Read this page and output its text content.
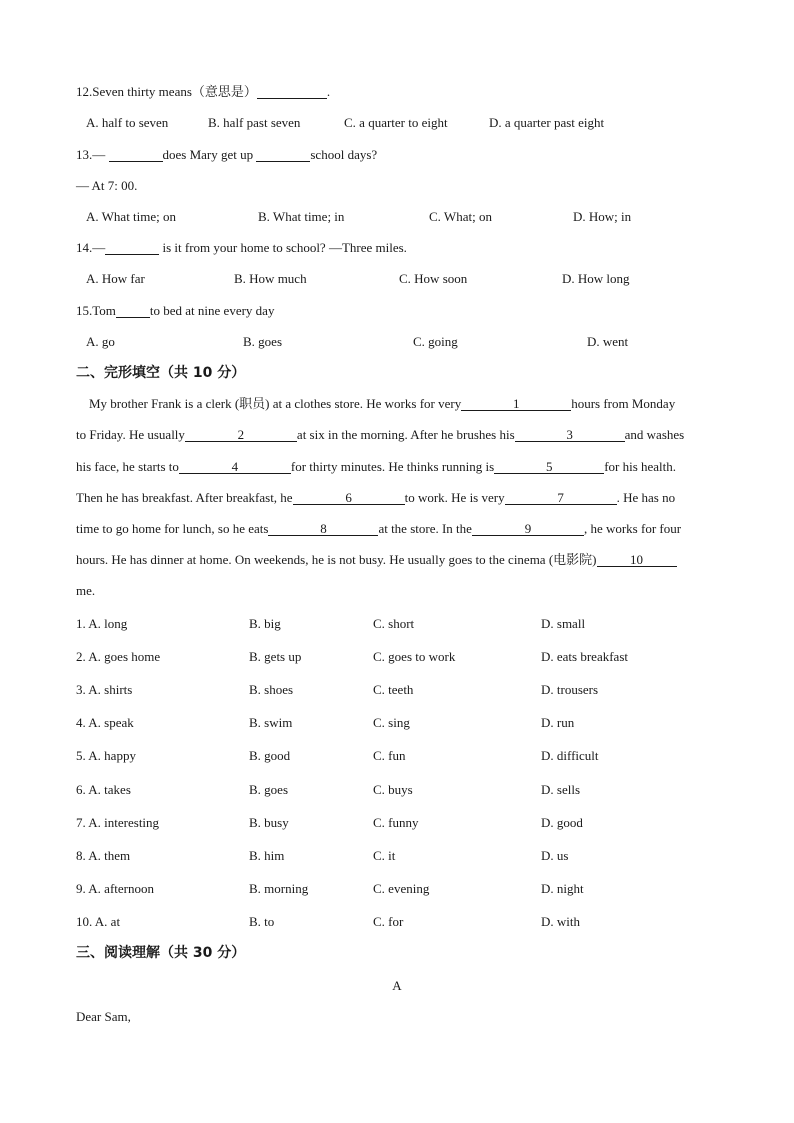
12.Seven thirty means（意思是）	.
A. half to seven	B. half past seven	C. a quarter to eight	D. a quarter past eight
13.—	does Mary get up	school days?
— At 7: 00.
A. What time; on	B. What time; in	C. What; on	D. How; in
14.—	is it from your home to school? —Three miles.
A. How far	B. How much	C. How soon	D. How long
15.Tom	to bed at nine every day
A. go	B. goes	C. going	D. went
二、完形填空（共 10 分）
My brother Frank is a clerk (职员) at a clothes store. He works for very	1	hours from Monday
to Friday. He usually	2	at six in the morning. After he brushes his	3	and washes
his face, he starts to	4	for thirty minutes. He thinks running is	5	for his health.
Then he has breakfast. After breakfast, he	6	to work. He is very	7	. He has no
time to go home for lunch, so he eats	8	at the store. In the	9	, he works for four
hours. He has dinner at home. On weekends, he is not busy. He usually goes to the cinema (电影院)	10
me.
1. A. long	B. big	C. short	D. small
2. A. goes home	B. gets up	C. goes to work	D. eats breakfast
3. A. shirts	B. shoes	C. teeth	D. trousers
4. A. speak	B. swim	C. sing	D. run
5. A. happy	B. good	C. fun	D. difficult
6. A. takes	B. goes	C. buys	D. sells
7. A. interesting	B. busy	C. funny	D. good
8. A. them	B. him	C. it	D. us
9. A. afternoon	B. morning	C. evening	D. night
10. A. at	B. to	C. for	D. with
三、阅读理解（共 30 分）
A
Dear Sam,
